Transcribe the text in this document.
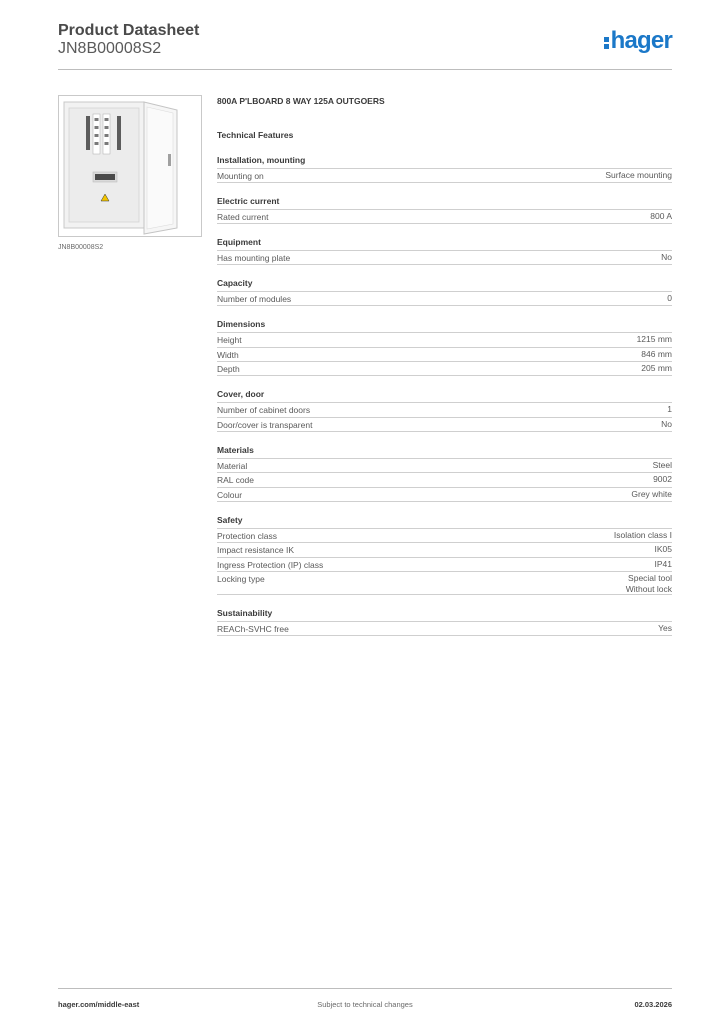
Product Datasheet
JN8B00008S2	hager
JN8B00008S2
800A P'LBOARD 8 WAY 125A OUTGOERS
Technical Features
Installation, mounting
Mounting on	Surface mounting
Electric current
Rated current	800 A
Equipment
Has mounting plate	No
Capacity
Number of modules	0
Dimensions
Height	1215 mm
Width	846 mm
Depth	205 mm
Cover, door
Number of cabinet doors	1
Door/cover is transparent	No
Materials
Material	Steel
RAL code	9002
Colour	Grey white
Safety
Protection class	Isolation class I
Impact resistance IK	IK05
Ingress Protection (IP) class	IP41
Locking type	Special tool
Without lock
Sustainability
REACh-SVHC free	Yes
hager.com/middle-east	Subject to technical changes	02.03.2026
